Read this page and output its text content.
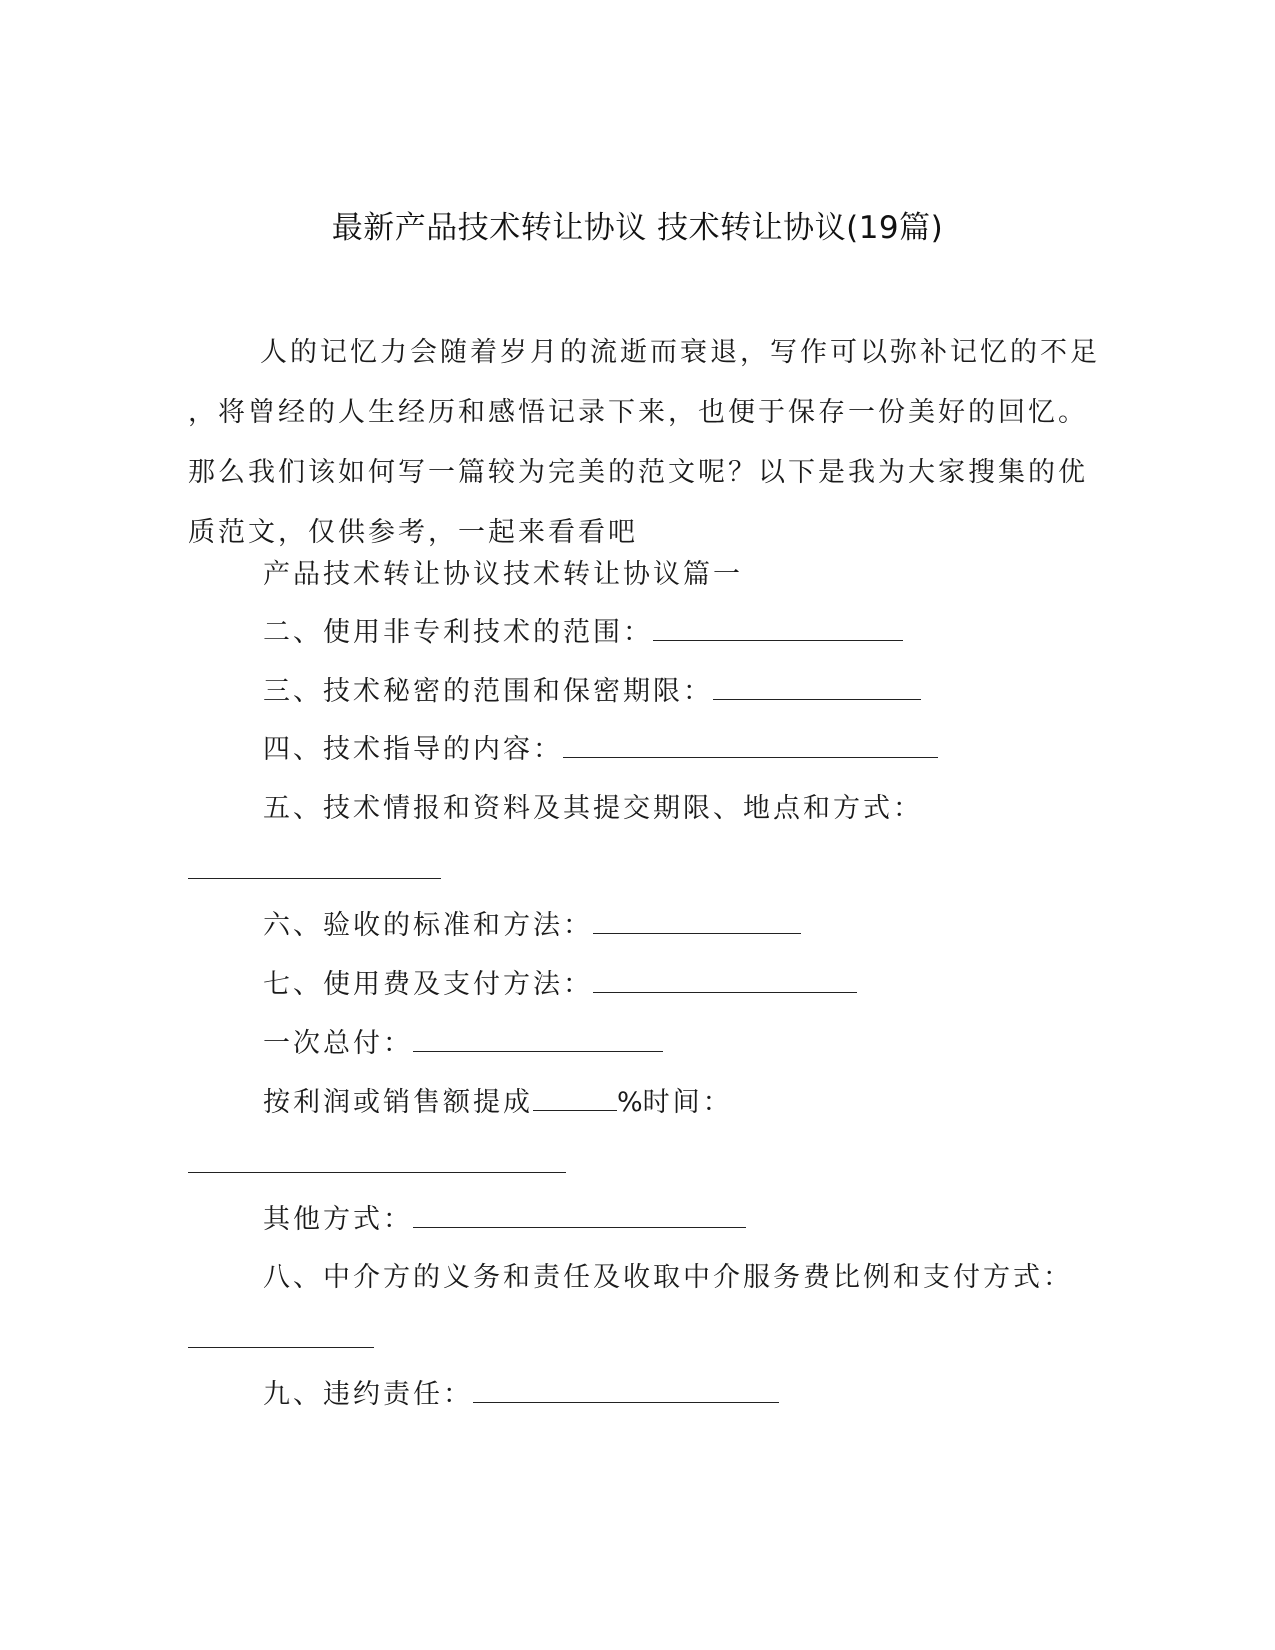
最新产品技术转让协议 技术转让协议(19篇)
人的记忆力会随着岁月的流逝而衰退，写作可以弥补记忆的不足
，将曾经的人生经历和感悟记录下来，也便于保存一份美好的回忆。
那么我们该如何写一篇较为完美的范文呢？以下是我为大家搜集的优
质范文，仅供参考，一起来看看吧
产品技术转让协议技术转让协议篇一
二、使用非专利技术的范围：
三、技术秘密的范围和保密期限：
四、技术指导的内容：
五、技术情报和资料及其提交期限、地点和方式：
六、验收的标准和方法：
七、使用费及支付方法：
一次总付：
按利润或销售额提成	%时间：
其他方式：
八、中介方的义务和责任及收取中介服务费比例和支付方式：
九、违约责任：
